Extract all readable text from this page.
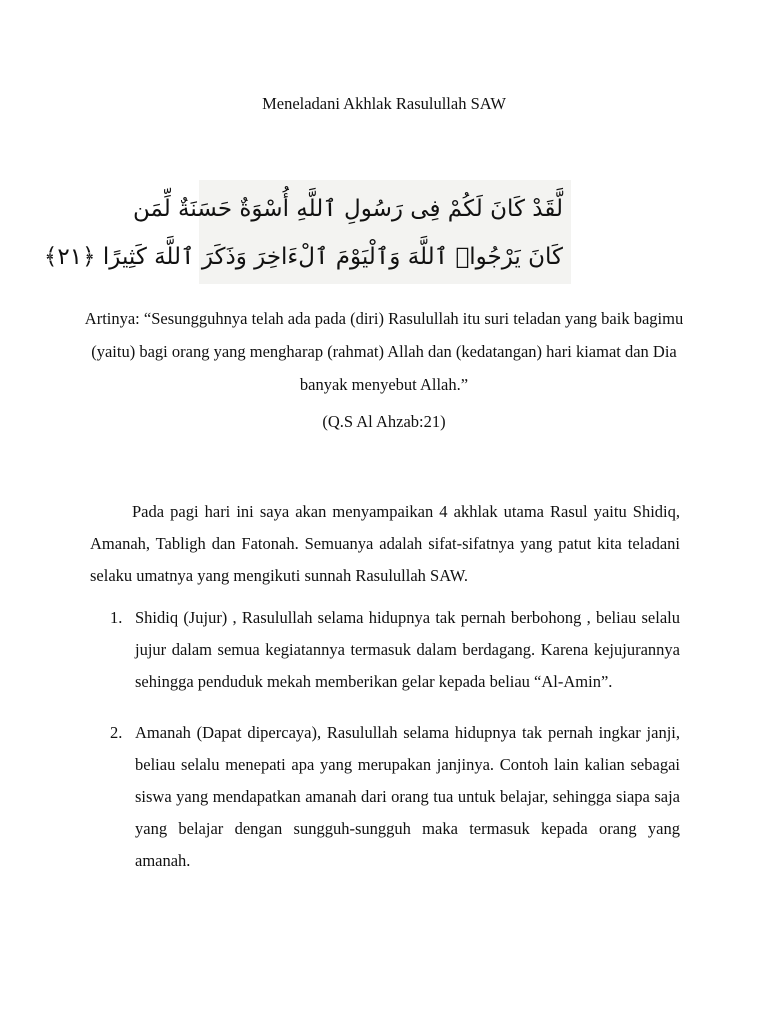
Meneladani Akhlak Rasulullah SAW
لَّقَدْ كَانَ لَكُمْ فِى رَسُولِ ٱللَّهِ أُسْوَةٌ حَسَنَةٌ لِّمَن
كَانَ يَرْجُوا۟ ٱللَّهَ وَٱلْيَوْمَ ٱلْءَاخِرَ وَذَكَرَ ٱللَّهَ كَثِيرًا ﴿٢١﴾
Artinya: “Sesungguhnya telah ada pada (diri) Rasulullah itu suri teladan yang baik bagimu (yaitu) bagi orang yang mengharap (rahmat) Allah dan (kedatangan) hari kiamat dan Dia banyak menyebut Allah.”
(Q.S Al Ahzab:21)
Pada pagi hari ini saya akan menyampaikan 4 akhlak utama Rasul yaitu Shidiq, Amanah, Tabligh dan Fatonah. Semuanya adalah sifat-sifatnya yang patut kita teladani selaku umatnya yang mengikuti sunnah Rasulullah SAW.
1. Shidiq (Jujur) , Rasulullah selama hidupnya tak pernah berbohong , beliau selalu jujur dalam semua kegiatannya termasuk dalam berdagang. Karena kejujurannya sehingga penduduk mekah memberikan gelar kepada beliau “Al-Amin”.
2. Amanah (Dapat dipercaya), Rasulullah selama hidupnya tak pernah ingkar janji, beliau selalu menepati apa yang merupakan janjinya. Contoh lain kalian sebagai siswa yang mendapatkan amanah dari orang tua untuk belajar, sehingga siapa saja yang belajar dengan sungguh-sungguh maka termasuk kepada orang yang amanah.
